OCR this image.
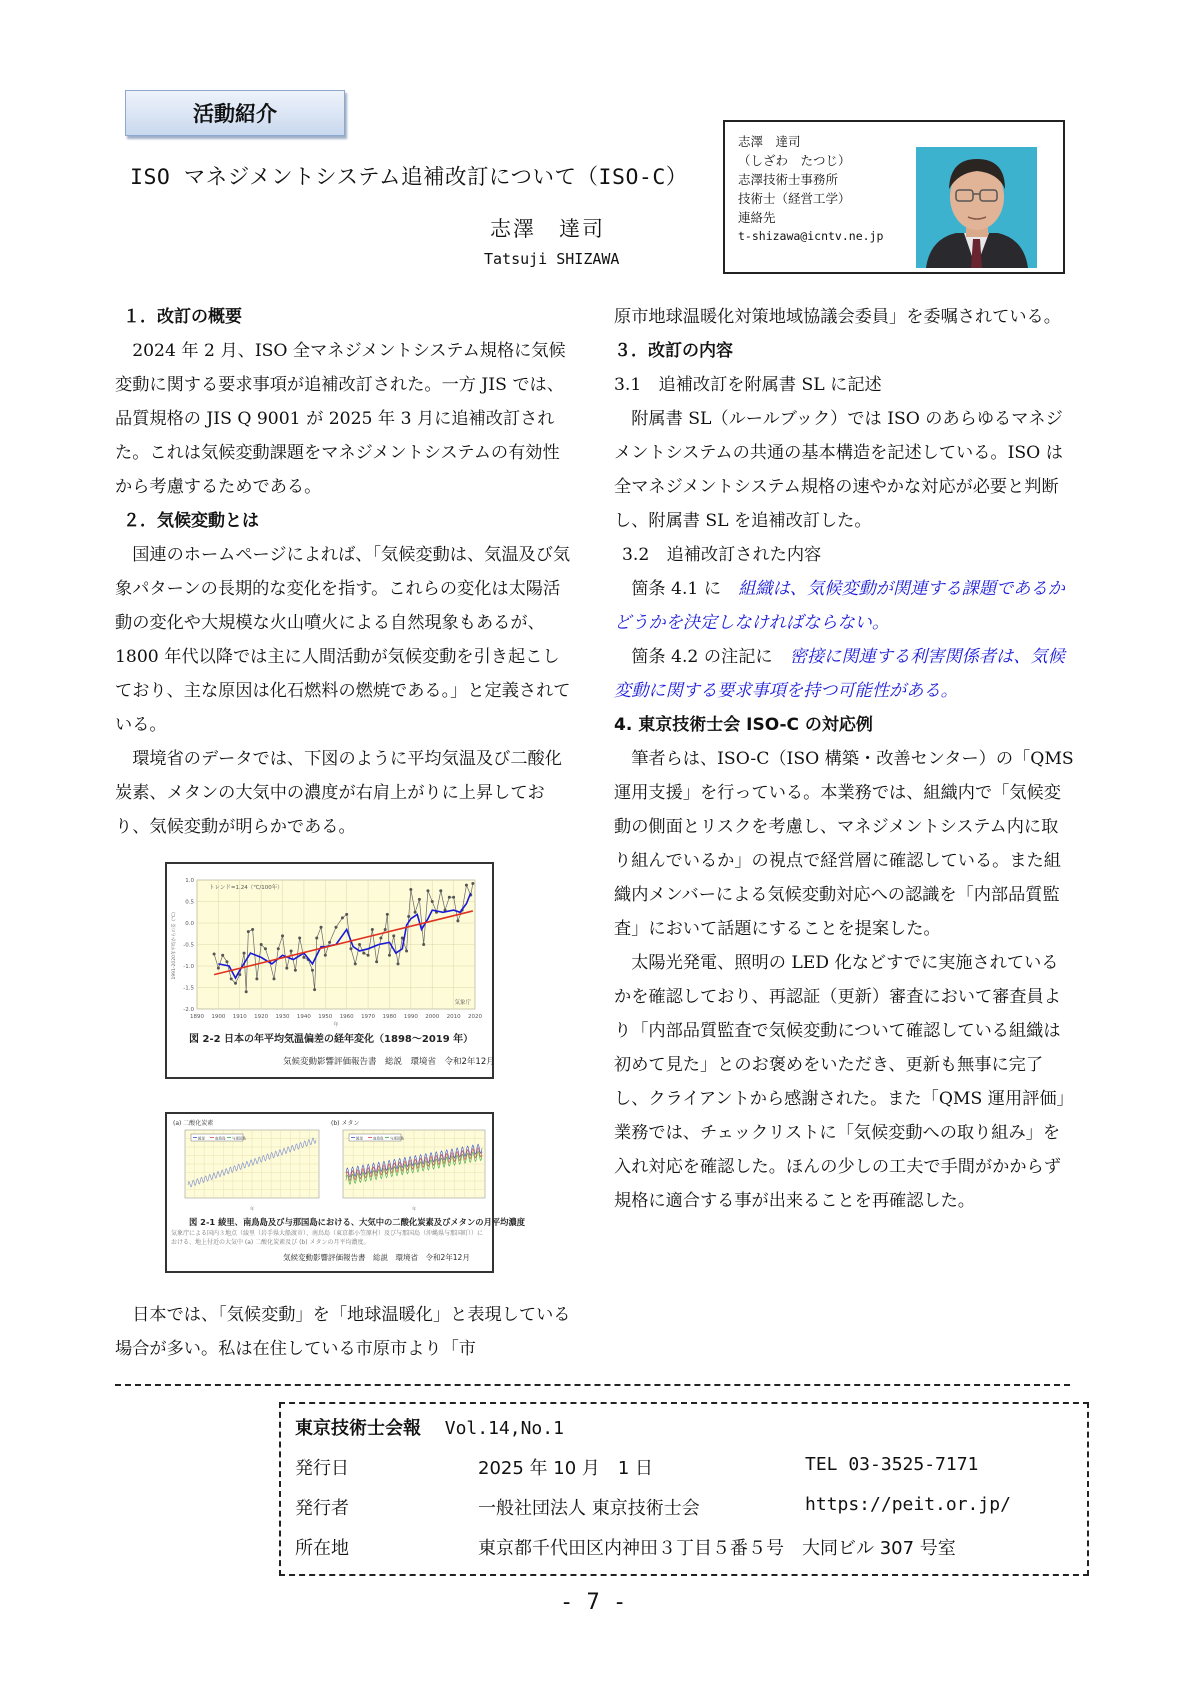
活動紹介
ISO マネジメントシステム追補改訂について（ISO-C）
志澤　達司
Tatsuji SHIZAWA
志澤　達司
（しざわ　たつじ）
志澤技術士事務所
技術士（経営工学）
連絡先
t-shizawa@icntv.ne.jp

１．改訂の概要

2024 年 2 月、ISO 全マネジメントシステム規格に気候変動に関する要求事項が追補改訂された。一方 JIS では、品質規格の JIS Q 9001 が 2025 年 3 月に追補改訂された。これは気候変動課題をマネジメントシステムの有効性から考慮するためである。

２．気候変動とは

国連のホームページによれば、「気候変動は、気温及び気象パターンの長期的な変化を指す。これらの変化は太陽活動の変化や大規模な火山噴火による自然現象もあるが、1800 年代以降では主に人間活動が気候変動を引き起こしており、主な原因は化石燃料の燃焼である。」と定義されている。

環境省のデータでは、下図のように平均気温及び二酸化炭素、メタンの大気中の濃度が右肩上がりに上昇しており、気候変動が明らかである。

1890 1900 1910 1920 1930 1940 1950 1960 1970 1980 1990 2000 2010 2020
1.0
0.5
0.0
-0.5
-1.0
-1.5
-2.0
年
1991-2020年平均からの差（℃）
トレンド=1.24（℃/100年）
気象庁
図 2-2 日本の年平均気温偏差の経年変化（1898～2019 年）
気候変動影響評価報告書　総説　環境省　令和2年12月
(a) 二酸化炭素
綾里	南鳥島 与那国島
年
(b) メタン
綾里	南鳥島 与那国島
年
図 2-1 綾里、南鳥島及び与那国島における、大気中の二酸化炭素及びメタンの月平均濃度
気象庁による国内３地点（綾里（岩手県大船渡市）、南鳥島（東京都小笠原村）及び与那国島（沖縄県与那国町））における、地上付近の大気中 (a) 二酸化炭素及び (b) メタンの月平均濃度。
気候変動影響評価報告書　総説　環境省　令和2年12月

日本では、「気候変動」を「地球温暖化」と表現している場合が多い。私は在住している市原市より「市

原市地球温暖化対策地域協議会委員」を委嘱されている。

３．改訂の内容

3.1　追補改訂を附属書 SL に記述

附属書 SL（ルールブック）では ISO のあらゆるマネジメントシステムの共通の基本構造を記述している。ISO は全マネジメントシステム規格の速やかな対応が必要と判断し、附属書 SL を追補改訂した。

3.2　追補改訂された内容

箇条 4.1 に　組織は、気候変動が関連する課題であるかどうかを決定しなければならない。

箇条 4.2 の注記に　密接に関連する利害関係者は、気候変動に関する要求事項を持つ可能性がある。

4. 東京技術士会 ISO-C の対応例

筆者らは、ISO-C（ISO 構築・改善センター）の「QMS 運用支援」を行っている。本業務では、組織内で「気候変動の側面とリスクを考慮し、マネジメントシステム内に取り組んでいるか」の視点で経営層に確認している。また組織内メンバーによる気候変動対応への認識を「内部品質監査」において話題にすることを提案した。

太陽光発電、照明の LED 化などすでに実施されているかを確認しており、再認証（更新）審査において審査員より「内部品質監査で気候変動について確認している組織は初めて見た」とのお褒めをいただき、更新も無事に完了し、クライアントから感謝された。また「QMS 運用評価」業務では、チェックリストに「気候変動への取り組み」を入れ対応を確認した。ほんの少しの工夫で手間がかからず規格に適合する事が出来ることを再確認した。

東京技術士会報 Vol.14,No.1
発行日	2025 年 10 月　1 日	TEL 03-3525-7171
発行者	一般社団法人 東京技術士会	https://peit.or.jp/
所在地	東京都千代田区内神田３丁目５番５号　大同ビル 307 号室
- 7 -
